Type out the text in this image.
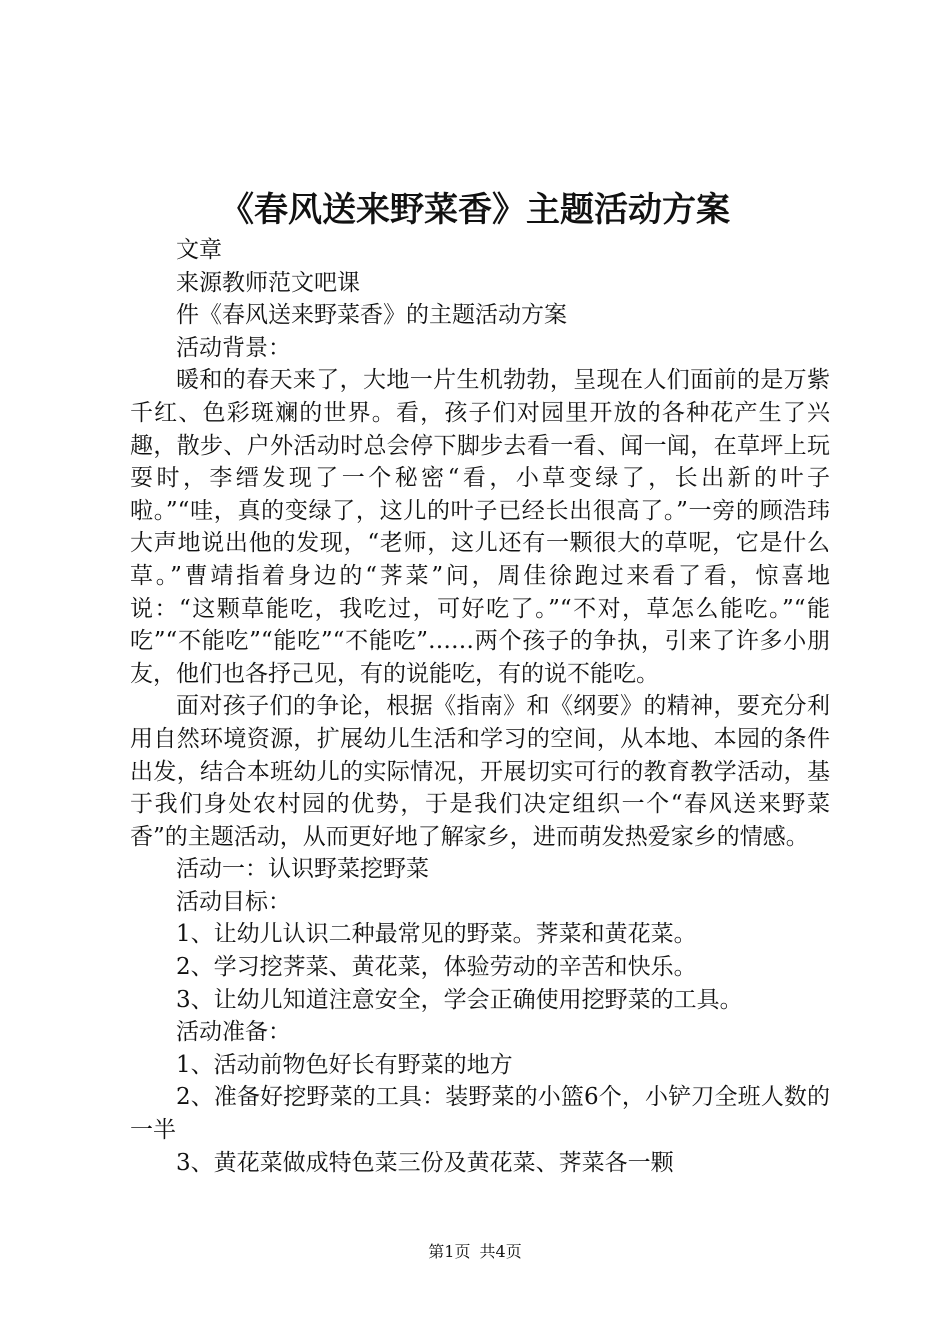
《春风送来野菜香》主题活动方案

文章

来源教师范文吧课

件《春风送来野菜香》的主题活动方案

活动背景：

暖和的春天来了，大地一片生机勃勃，呈现在人们面前的是万紫千红、色彩斑斓的世界。看，孩子们对园里开放的各种花产生了兴趣，散步、户外活动时总会停下脚步去看一看、闻一闻，在草坪上玩耍时，李缙发现了一个秘密“看，小草变绿了，长出新的叶子啦。”“哇，真的变绿了，这儿的叶子已经长出很高了。”一旁的顾浩玮大声地说出他的发现，“老师，这儿还有一颗很大的草呢，它是什么草。”曹靖指着身边的“荠菜”问，周佳徐跑过来看了看，惊喜地说：“这颗草能吃，我吃过，可好吃了。”“不对，草怎么能吃。”“能吃”“不能吃”“能吃”“不能吃”……两个孩子的争执，引来了许多小朋友，他们也各抒己见，有的说能吃，有的说不能吃。

面对孩子们的争论，根据《指南》和《纲要》的精神，要充分利用自然环境资源，扩展幼儿生活和学习的空间，从本地、本园的条件出发，结合本班幼儿的实际情况，开展切实可行的教育教学活动，基于我们身处农村园的优势，于是我们决定组织一个“春风送来野菜香”的主题活动，从而更好地了解家乡，进而萌发热爱家乡的情感。

活动一：认识野菜挖野菜

活动目标：

1、让幼儿认识二种最常见的野菜。荠菜和黄花菜。

2、学习挖荠菜、黄花菜，体验劳动的辛苦和快乐。

3、让幼儿知道注意安全，学会正确使用挖野菜的工具。

活动准备：

1、活动前物色好长有野菜的地方

2、准备好挖野菜的工具：装野菜的小篮6个，小铲刀全班人数的一半

3、黄花菜做成特色菜三份及黄花菜、荠菜各一颗

第1页 共4页
